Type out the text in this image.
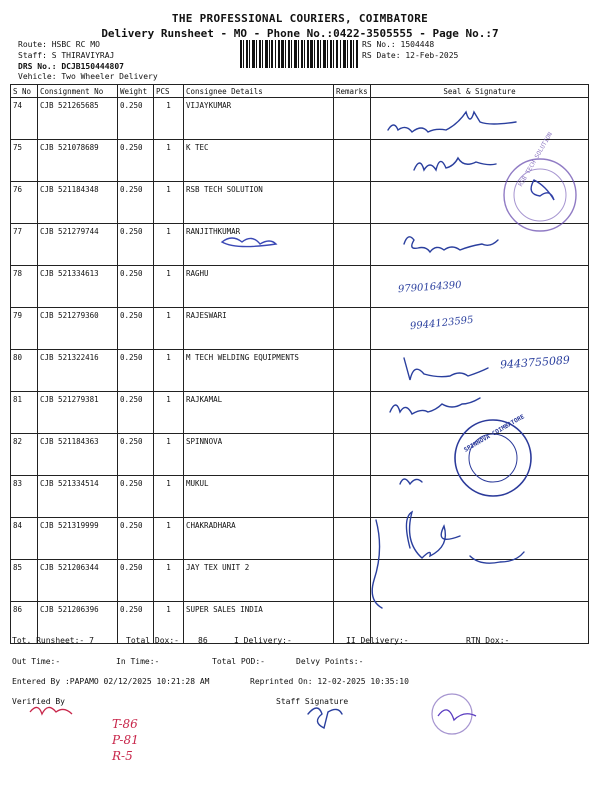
THE PROFESSIONAL COURIERS, COIMBATORE
Delivery Runsheet - MO - Phone No.:0422-3505555 - Page No.:7
Route: HSBC RC MO
Staff: S THIRAVIYRAJ
DRS No.: DCJB150444807
Vehicle: Two Wheeler Delivery
RS No.: 1504448
RS Date: 12-Feb-2025
S No	Consignment No	Weight	PCS	Consignee Details	Remarks	Seal & Signature
74	CJB 521265685	0.250	1	VIJAYKUMAR		
75	CJB 521078689	0.250	1	K TEC		
76	CJB 521184348	0.250	1	RSB TECH SOLUTION		
77	CJB 521279744	0.250	1	RANJITHKUMAR		
78	CJB 521334613	0.250	1	RAGHU		
79	CJB 521279360	0.250	1	RAJESWARI		
80	CJB 521322416	0.250	1	M TECH WELDING EQUIPMENTS		
81	CJB 521279381	0.250	1	RAJKAMAL		
82	CJB 521184363	0.250	1	SPINNOVA		
83	CJB 521334514	0.250	1	MUKUL		
84	CJB 521319999	0.250	1	CHAKRADHARA		
85	CJB 521206344	0.250	1	JAY TEX UNIT 2		
86	CJB 521206396	0.250	1	SUPER SALES INDIA		
9790164390
9944123595
9443755089
RSB TECH SOLUTION
SPINNOVA COIMBATORE
Tot. Runsheet:- 7	Total Dox:- 86	I Delivery:-	II Delivery:-	RTN Dox:-
Out Time:-	In Time:-	Total POD:-	Delvy Points:-
Entered By :PAPAMO 02/12/2025 10:21:28 AM	Reprinted On: 12-02-2025 10:35:10
Verified By	Staff Signature
T-86
P-81
R-5
